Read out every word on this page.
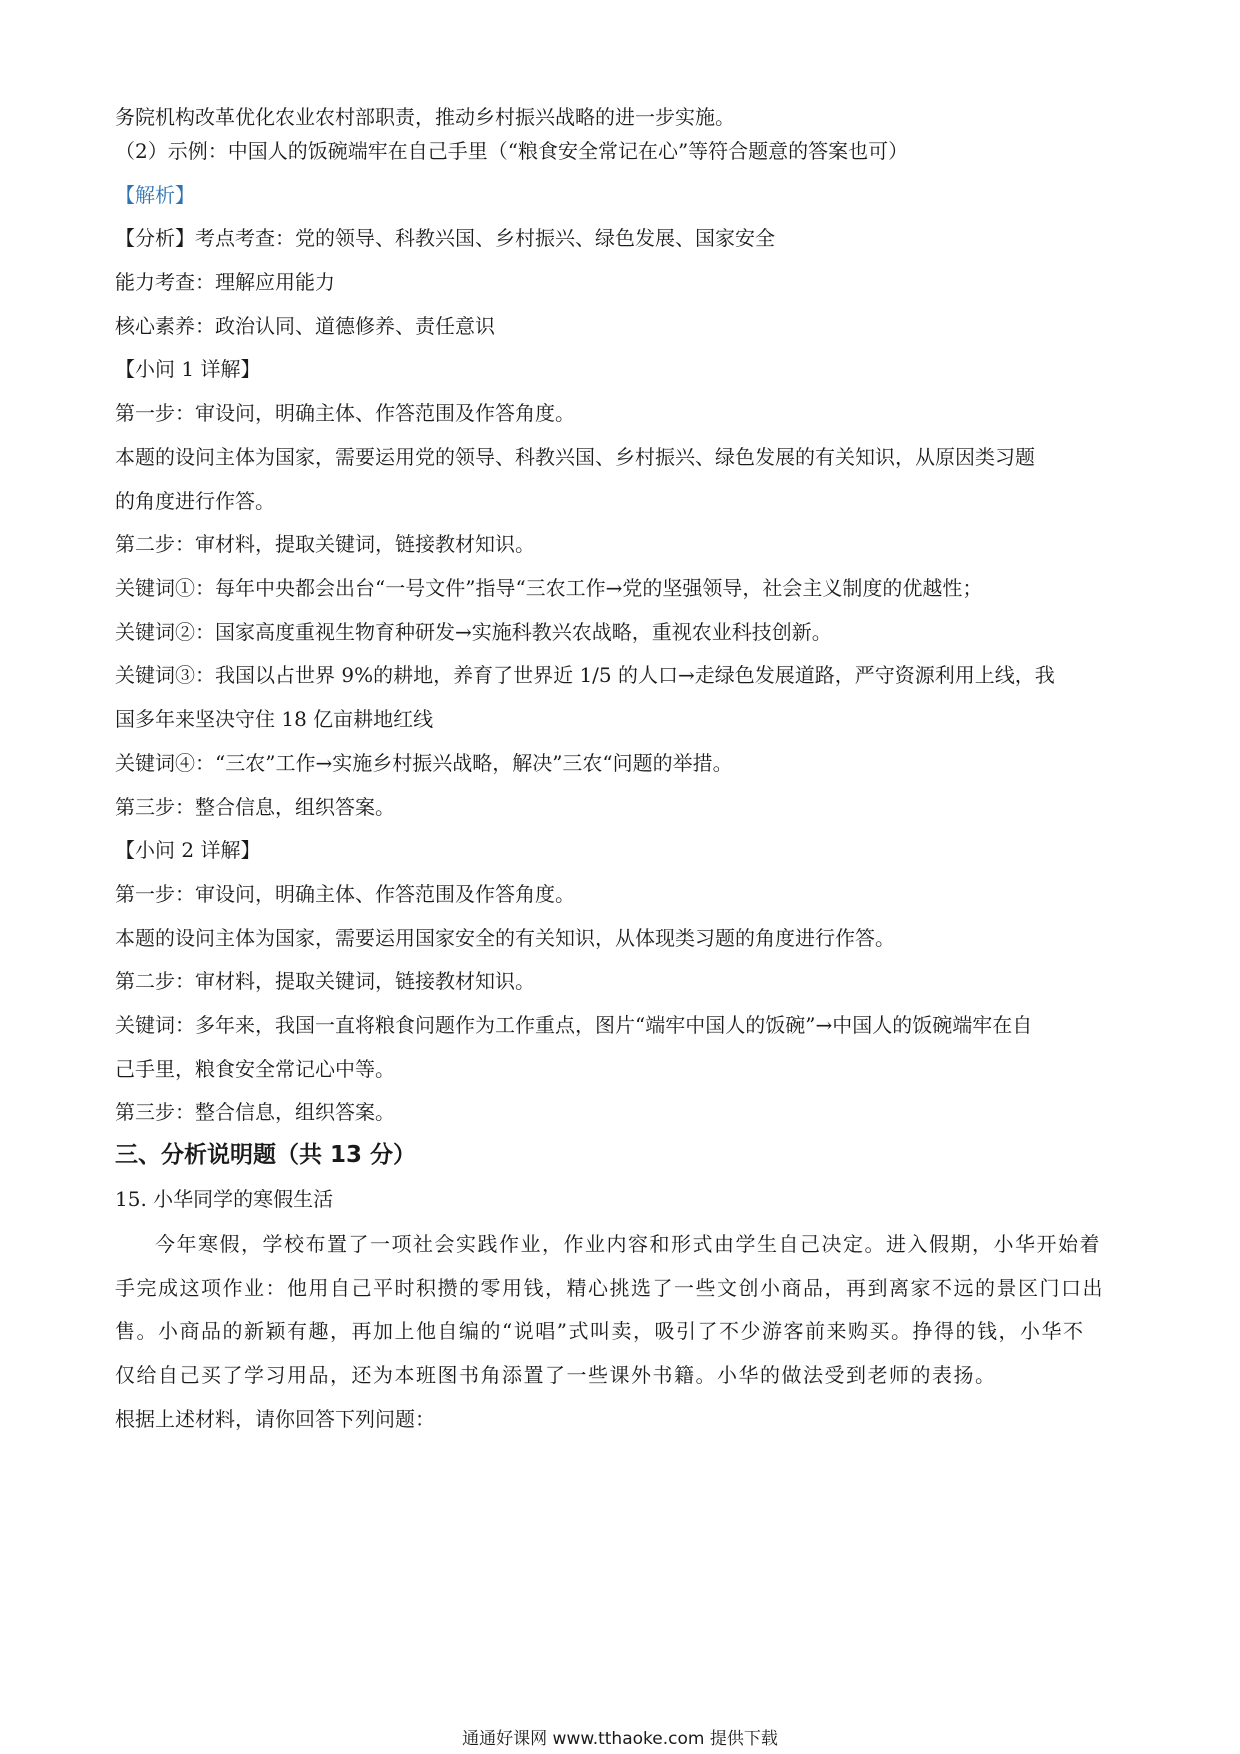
务院机构改革优化农业农村部职责，推动乡村振兴战略的进一步实施。
（2）示例：中国人的饭碗端牢在自己手里（“粮食安全常记在心”等符合题意的答案也可）
【解析】
【分析】考点考查：党的领导、科教兴国、乡村振兴、绿色发展、国家安全
能力考查：理解应用能力
核心素养：政治认同、道德修养、责任意识
【小问 1 详解】
第一步：审设问，明确主体、作答范围及作答角度。
本题的设问主体为国家，需要运用党的领导、科教兴国、乡村振兴、绿色发展的有关知识，从原因类习题
的角度进行作答。
第二步：审材料，提取关键词，链接教材知识。
关键词①：每年中央都会出台“一号文件”指导“三农工作→党的坚强领导，社会主义制度的优越性；
关键词②：国家高度重视生物育种研发→实施科教兴农战略，重视农业科技创新。
关键词③：我国以占世界 9%的耕地，养育了世界近 1/5 的人口→走绿色发展道路，严守资源利用上线，我
国多年来坚决守住 18 亿亩耕地红线
关键词④：“三农”工作→实施乡村振兴战略，解决”三农“问题的举措。
第三步：整合信息，组织答案。
【小问 2 详解】
第一步：审设问，明确主体、作答范围及作答角度。
本题的设问主体为国家，需要运用国家安全的有关知识，从体现类习题的角度进行作答。
第二步：审材料，提取关键词，链接教材知识。
关键词：多年来，我国一直将粮食问题作为工作重点，图片“端牢中国人的饭碗”→中国人的饭碗端牢在自
己手里，粮食安全常记心中等。
第三步：整合信息，组织答案。
三、分析说明题（共 13 分）
15. 小华同学的寒假生活
今年寒假，学校布置了一项社会实践作业，作业内容和形式由学生自己决定。进入假期，小华开始着
手完成这项作业：他用自己平时积攒的零用钱，精心挑选了一些文创小商品，再到离家不远的景区门口出
售。小商品的新颖有趣，再加上他自编的“说唱”式叫卖，吸引了不少游客前来购买。挣得的钱，小华不
仅给自己买了学习用品，还为本班图书角添置了一些课外书籍。小华的做法受到老师的表扬。
根据上述材料，请你回答下列问题：
通通好课网 www.tthaoke.com 提供下载
